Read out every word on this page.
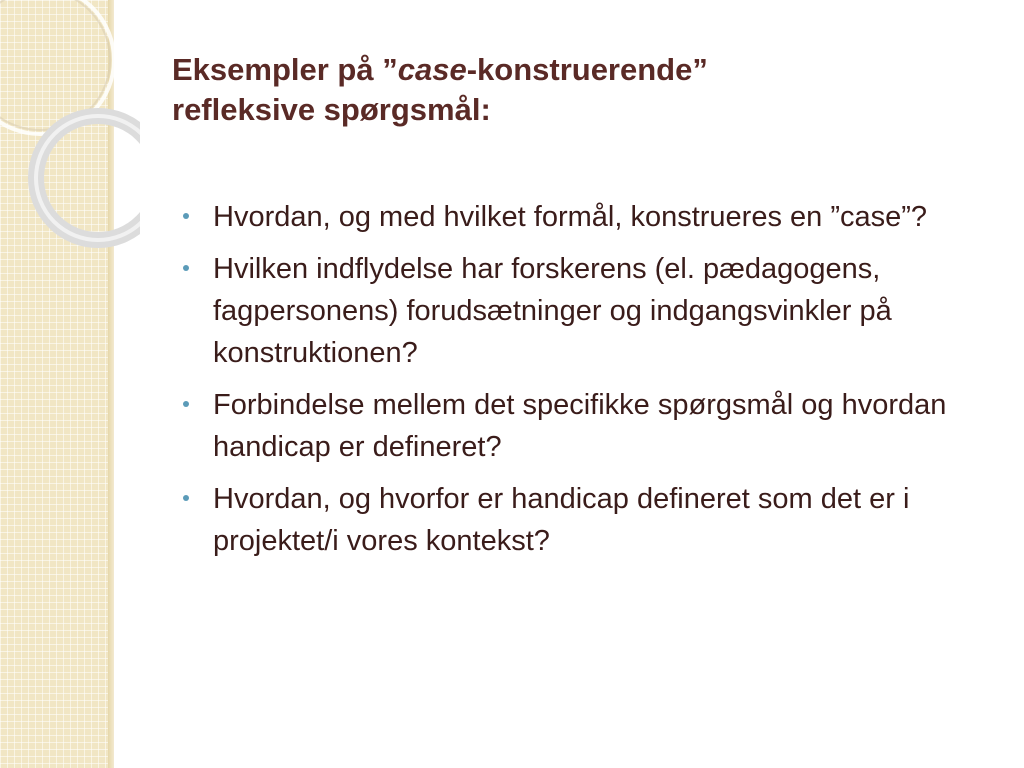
Eksempler på ”case-konstruerende”
refleksive spørgsmål:
Hvordan, og med hvilket formål, konstrueres en ”case”?
Hvilken indflydelse har forskerens (el. pædagogens, fagpersonens) forudsætninger og indgangsvinkler på konstruktionen?
Forbindelse mellem det specifikke spørgsmål og hvordan handicap er defineret?
Hvordan, og hvorfor er handicap defineret som det er i projektet/i vores kontekst?
